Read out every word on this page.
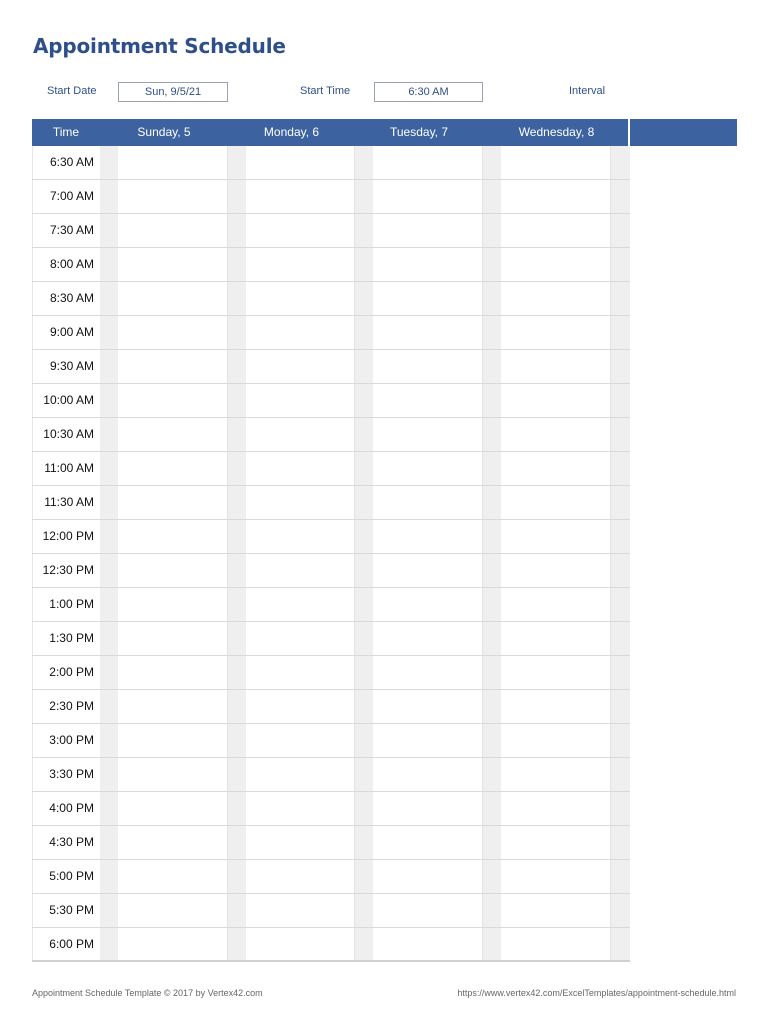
Appointment Schedule
Start Date	Sun, 9/5/21	Start Time	6:30 AM	Interval
Time	Sunday, 5	Monday, 6	Tuesday, 7	Wednesday, 8
6:30 AM
7:00 AM
7:30 AM
8:00 AM
8:30 AM
9:00 AM
9:30 AM
10:00 AM
10:30 AM
11:00 AM
11:30 AM
12:00 PM
12:30 PM
1:00 PM
1:30 PM
2:00 PM
2:30 PM
3:00 PM
3:30 PM
4:00 PM
4:30 PM
5:00 PM
5:30 PM
6:00 PM
Appointment Schedule Template © 2017 by Vertex42.com	https://www.vertex42.com/ExcelTemplates/appointment-schedule.html
